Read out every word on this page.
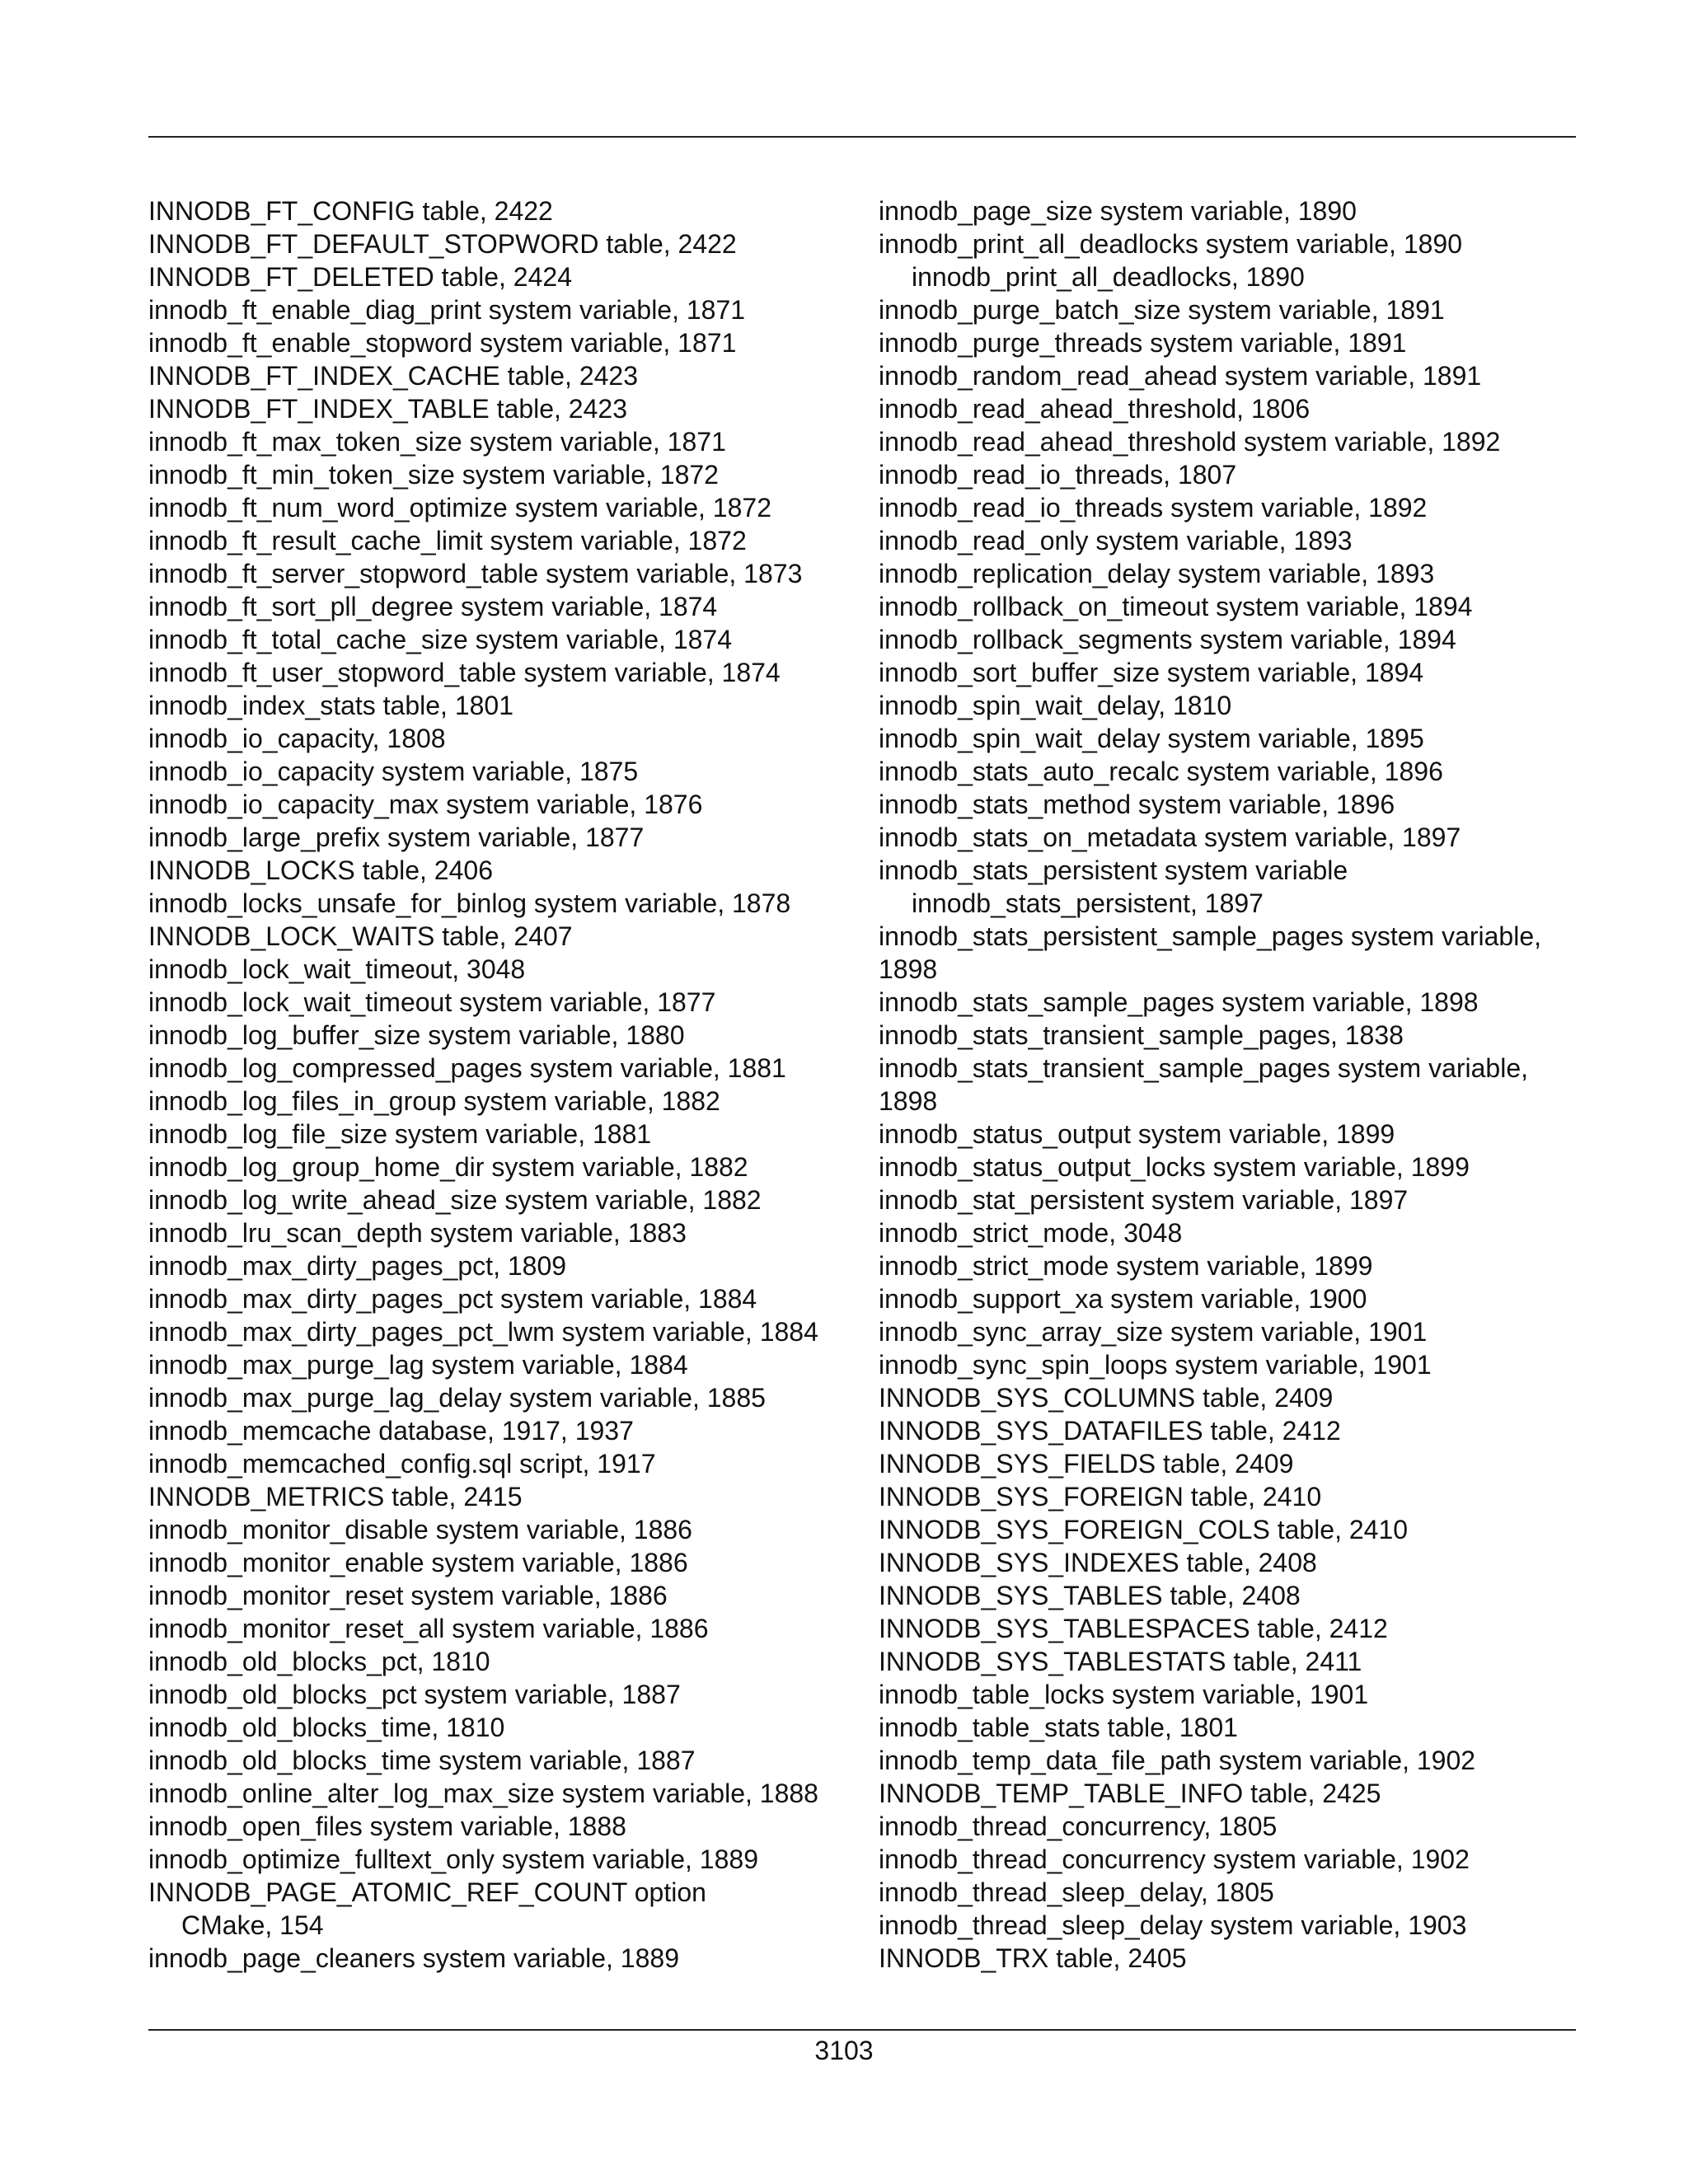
INNODB_FT_CONFIG table, 2422

INNODB_FT_DEFAULT_STOPWORD table, 2422

INNODB_FT_DELETED table, 2424

innodb_ft_enable_diag_print system variable, 1871

innodb_ft_enable_stopword system variable, 1871

INNODB_FT_INDEX_CACHE table, 2423

INNODB_FT_INDEX_TABLE table, 2423

innodb_ft_max_token_size system variable, 1871

innodb_ft_min_token_size system variable, 1872

innodb_ft_num_word_optimize system variable, 1872

innodb_ft_result_cache_limit system variable, 1872

innodb_ft_server_stopword_table system variable, 1873

innodb_ft_sort_pll_degree system variable, 1874

innodb_ft_total_cache_size system variable, 1874

innodb_ft_user_stopword_table system variable, 1874

innodb_index_stats table, 1801

innodb_io_capacity, 1808

innodb_io_capacity system variable, 1875

innodb_io_capacity_max system variable, 1876

innodb_large_prefix system variable, 1877

INNODB_LOCKS table, 2406

innodb_locks_unsafe_for_binlog system variable, 1878

INNODB_LOCK_WAITS table, 2407

innodb_lock_wait_timeout, 3048

innodb_lock_wait_timeout system variable, 1877

innodb_log_buffer_size system variable, 1880

innodb_log_compressed_pages system variable, 1881

innodb_log_files_in_group system variable, 1882

innodb_log_file_size system variable, 1881

innodb_log_group_home_dir system variable, 1882

innodb_log_write_ahead_size system variable, 1882

innodb_lru_scan_depth system variable, 1883

innodb_max_dirty_pages_pct, 1809

innodb_max_dirty_pages_pct system variable, 1884

innodb_max_dirty_pages_pct_lwm system variable, 1884

innodb_max_purge_lag system variable, 1884

innodb_max_purge_lag_delay system variable, 1885

innodb_memcache database, 1917, 1937

innodb_memcached_config.sql script, 1917

INNODB_METRICS table, 2415

innodb_monitor_disable system variable, 1886

innodb_monitor_enable system variable, 1886

innodb_monitor_reset system variable, 1886

innodb_monitor_reset_all system variable, 1886

innodb_old_blocks_pct, 1810

innodb_old_blocks_pct system variable, 1887

innodb_old_blocks_time, 1810

innodb_old_blocks_time system variable, 1887

innodb_online_alter_log_max_size system variable, 1888

innodb_open_files system variable, 1888

innodb_optimize_fulltext_only system variable, 1889

INNODB_PAGE_ATOMIC_REF_COUNT option

CMake, 154

innodb_page_cleaners system variable, 1889

innodb_page_size system variable, 1890

innodb_print_all_deadlocks system variable, 1890

innodb_print_all_deadlocks, 1890

innodb_purge_batch_size system variable, 1891

innodb_purge_threads system variable, 1891

innodb_random_read_ahead system variable, 1891

innodb_read_ahead_threshold, 1806

innodb_read_ahead_threshold system variable, 1892

innodb_read_io_threads, 1807

innodb_read_io_threads system variable, 1892

innodb_read_only system variable, 1893

innodb_replication_delay system variable, 1893

innodb_rollback_on_timeout system variable, 1894

innodb_rollback_segments system variable, 1894

innodb_sort_buffer_size system variable, 1894

innodb_spin_wait_delay, 1810

innodb_spin_wait_delay system variable, 1895

innodb_stats_auto_recalc system variable, 1896

innodb_stats_method system variable, 1896

innodb_stats_on_metadata system variable, 1897

innodb_stats_persistent system variable

innodb_stats_persistent, 1897

innodb_stats_persistent_sample_pages system variable,

1898

innodb_stats_sample_pages system variable, 1898

innodb_stats_transient_sample_pages, 1838

innodb_stats_transient_sample_pages system variable,

1898

innodb_status_output system variable, 1899

innodb_status_output_locks system variable, 1899

innodb_stat_persistent system variable, 1897

innodb_strict_mode, 3048

innodb_strict_mode system variable, 1899

innodb_support_xa system variable, 1900

innodb_sync_array_size system variable, 1901

innodb_sync_spin_loops system variable, 1901

INNODB_SYS_COLUMNS table, 2409

INNODB_SYS_DATAFILES table, 2412

INNODB_SYS_FIELDS table, 2409

INNODB_SYS_FOREIGN table, 2410

INNODB_SYS_FOREIGN_COLS table, 2410

INNODB_SYS_INDEXES table, 2408

INNODB_SYS_TABLES table, 2408

INNODB_SYS_TABLESPACES table, 2412

INNODB_SYS_TABLESTATS table, 2411

innodb_table_locks system variable, 1901

innodb_table_stats table, 1801

innodb_temp_data_file_path system variable, 1902

INNODB_TEMP_TABLE_INFO table, 2425

innodb_thread_concurrency, 1805

innodb_thread_concurrency system variable, 1902

innodb_thread_sleep_delay, 1805

innodb_thread_sleep_delay system variable, 1903

INNODB_TRX table, 2405

3103
